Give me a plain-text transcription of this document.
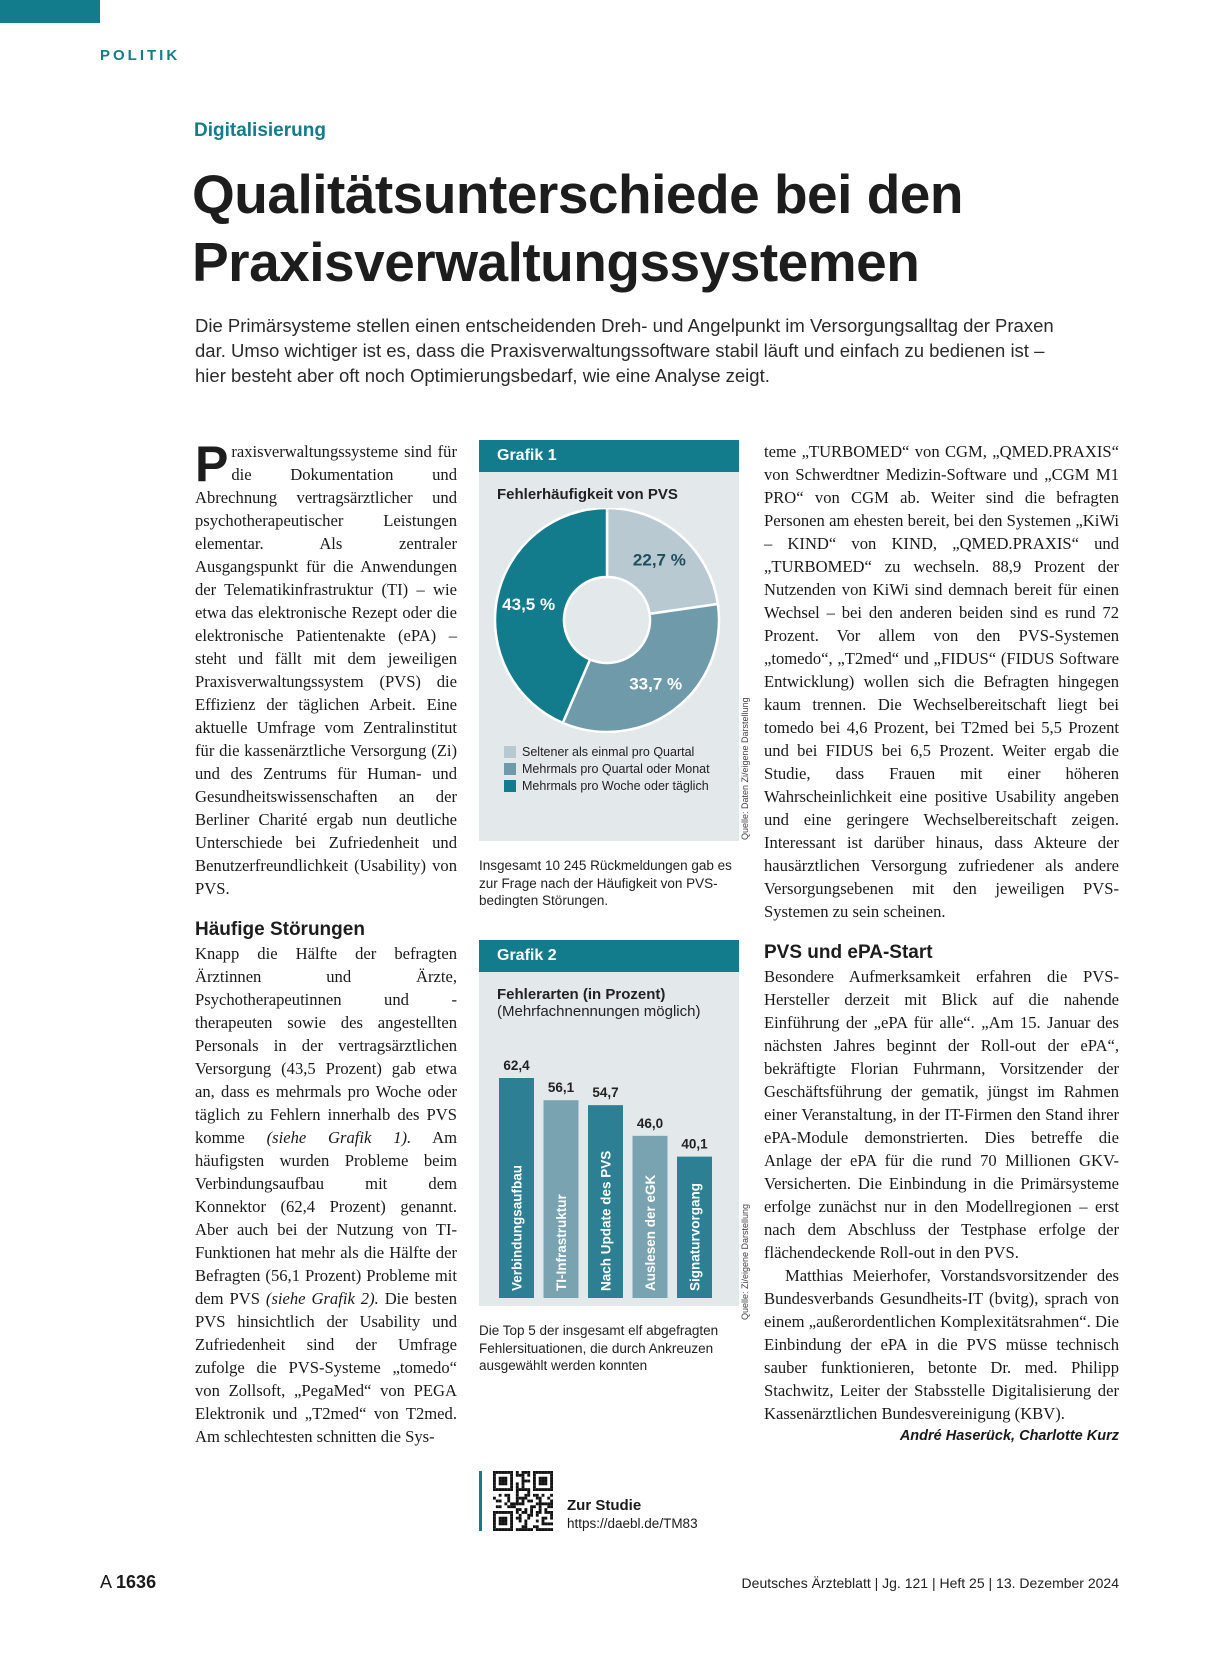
POLITIK
Digitalisierung
Qualitätsunterschiede bei den
Praxisverwaltungssystemen

Die Primärsysteme stellen einen entscheidenden Dreh- und Angelpunkt im Versorgungsalltag der Praxen dar. Umso wichtiger ist es, dass die Praxisverwaltungssoftware stabil läuft und einfach zu bedienen ist – hier besteht aber oft noch Optimierungsbedarf, wie eine Analyse zeigt.

Praxisverwaltungssysteme sind für die Dokumentation und Abrechnung vertragsärztlicher und psychotherapeutischer Leistungen elementar. Als zentraler Ausgangspunkt für die Anwendungen der Telematikinfrastruktur (TI) – wie etwa das elektronische Rezept oder die elektronische Patientenakte (ePA) – steht und fällt mit dem jeweiligen Praxisverwaltungssystem (PVS) die Effizienz der täglichen Arbeit. Eine aktuelle Umfrage vom Zentralinstitut für die kassenärztliche Versorgung (Zi) und des Zentrums für Human- und Gesundheitswissenschaften an der Berliner Charité ergab nun deutliche Unterschiede bei Zufriedenheit und Benutzerfreundlichkeit (Usability) von PVS.

Häufige Störungen

Knapp die Hälfte der befragten Ärztinnen und Ärzte, Psychotherapeutinnen und -therapeuten sowie des angestellten Personals in der vertragsärztlichen Versorgung (43,5 Prozent) gab etwa an, dass es mehrmals pro Woche oder täglich zu Fehlern innerhalb des PVS komme (siehe Grafik 1). Am häufigsten wurden Probleme beim Verbindungsaufbau mit dem Konnektor (62,4 Prozent) genannt. Aber auch bei der Nutzung von TI-Funktionen hat mehr als die Hälfte der Befragten (56,1 Prozent) Probleme mit dem PVS (siehe Grafik 2). Die besten PVS hinsichtlich der Usability und Zufriedenheit sind der Umfrage zufolge die PVS-Systeme „tomedo“ von Zollsoft, „PegaMed“ von PEGA Elektronik und „T2med“ von T2med. Am schlechtesten schnitten die Sys-

Grafik 1
Fehlerhäufigkeit von PVS
22,7 %
33,7 %
43,5 %
Seltener als einmal pro Quartal
Mehrmals pro Quartal oder Monat
Mehrmals pro Woche oder täglich	Quelle: Daten Zi/eigene Darstellung
Insgesamt 10 245 Rückmeldungen gab es zur Frage nach der Häufigkeit von PVS-bedingten Störungen.
Grafik 2
Fehlerarten (in Prozent)
(Mehrfachnennungen möglich)
62,4
Verbindungsaufbau
56,1
TI-Infrastruktur
54,7
Nach Update des PVS
46,0
Auslesen der eGK
40,1
Signaturvorgang	Quelle: Zi/eigene Darstellung
Die Top 5 der insgesamt elf abgefragten Fehlersituationen, die durch Ankreuzen ausgewählt werden konnten
Zur Studie
https://daebl.de/TM83

teme „TURBOMED“ von CGM, „QMED.PRAXIS“ von Schwerdtner Medizin-Software und „CGM M1 PRO“ von CGM ab. Weiter sind die befragten Personen am ehesten bereit, bei den Systemen „KiWi – KIND“ von KIND, „QMED.PRAXIS“ und „TURBOMED“ zu wechseln. 88,9 Prozent der Nutzenden von KiWi sind demnach bereit für einen Wechsel – bei den anderen beiden sind es rund 72 Prozent. Vor allem von den PVS-Systemen „tomedo“, „T2med“ und „FIDUS“ (FIDUS Software Entwicklung) wollen sich die Befragten hingegen kaum trennen. Die Wechselbereitschaft liegt bei tomedo bei 4,6 Prozent, bei T2med bei 5,5 Prozent und bei FIDUS bei 6,5 Prozent. Weiter ergab die Studie, dass Frauen mit einer höheren Wahrscheinlichkeit eine positive Usability angeben und eine geringere Wechselbereitschaft zeigen. Interessant ist darüber hinaus, dass Akteure der hausärztlichen Versorgung zufriedener als andere Versorgungsebenen mit den jeweiligen PVS-Systemen zu sein scheinen.

PVS und ePA-Start

Besondere Aufmerksamkeit erfahren die PVS-Hersteller derzeit mit Blick auf die nahende Einführung der „ePA für alle“. „Am 15. Januar des nächsten Jahres beginnt der Roll-out der ePA“, bekräftigte Florian Fuhrmann, Vorsitzender der Geschäftsführung der gematik, jüngst im Rahmen einer Veranstaltung, in der IT-Firmen den Stand ihrer ePA-Module demonstrierten. Dies betreffe die Anlage der ePA für die rund 70 Millionen GKV-Versicherten. Die Einbindung in die Primärsysteme erfolge zunächst nur in den Modellregionen – erst nach dem Abschluss der Testphase erfolge der flächendeckende Roll-out in den PVS.

Matthias Meierhofer, Vorstandsvorsitzender des Bundesverbands Gesundheits-IT (bvitg), sprach von einem „außerordentlichen Komplexitätsrahmen“. Die Einbindung der ePA in die PVS müsse technisch sauber funktionieren, betonte Dr. med. Philipp Stachwitz, Leiter der Stabsstelle Digitalisierung der Kassenärztlichen Bundesvereinigung (KBV).

André Haserück, Charlotte Kurz

A 1636	Deutsches Ärzteblatt | Jg. 121 | Heft 25 | 13. Dezember 2024
